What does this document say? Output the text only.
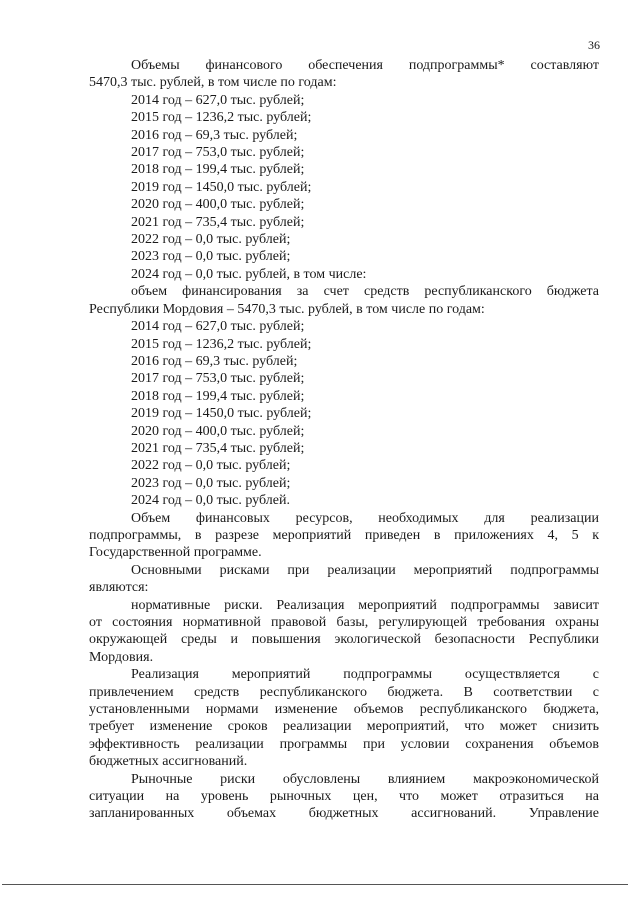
36

Объемы финансового обеспечения подпрограммы* составляют

5470,3 тыс. рублей, в том числе по годам:

2014 год – 627,0 тыс. рублей;

2015 год – 1236,2 тыс. рублей;

2016 год – 69,3 тыс. рублей;

2017 год – 753,0 тыс. рублей;

2018 год – 199,4 тыс. рублей;

2019 год – 1450,0 тыс. рублей;

2020 год – 400,0 тыс. рублей;

2021 год – 735,4 тыс. рублей;

2022 год – 0,0 тыс. рублей;

2023 год – 0,0 тыс. рублей;

2024 год – 0,0 тыс. рублей, в том числе:

объем финансирования за счет средств республиканского бюджета

Республики Мордовия – 5470,3 тыс. рублей, в том числе по годам:

2014 год – 627,0 тыс. рублей;

2015 год – 1236,2 тыс. рублей;

2016 год – 69,3 тыс. рублей;

2017 год – 753,0 тыс. рублей;

2018 год – 199,4 тыс. рублей;

2019 год – 1450,0 тыс. рублей;

2020 год – 400,0 тыс. рублей;

2021 год – 735,4 тыс. рублей;

2022 год – 0,0 тыс. рублей;

2023 год – 0,0 тыс. рублей;

2024 год – 0,0 тыс. рублей.

Объем финансовых ресурсов, необходимых для реализации

подпрограммы, в разрезе мероприятий приведен в приложениях 4, 5 к

Государственной программе.

Основными рисками при реализации мероприятий подпрограммы

являются:

нормативные риски. Реализация мероприятий подпрограммы зависит

от состояния нормативной правовой базы, регулирующей требования охраны

окружающей среды и повышения экологической безопасности Республики

Мордовия.

Реализация мероприятий подпрограммы осуществляется с

привлечением средств республиканского бюджета. В соответствии с

установленными нормами изменение объемов республиканского бюджета,

требует изменение сроков реализации мероприятий, что может снизить

эффективность реализации программы при условии сохранения объемов

бюджетных ассигнований.

Рыночные риски обусловлены влиянием макроэкономической

ситуации на уровень рыночных цен, что может отразиться на

запланированных объемах бюджетных ассигнований. Управление
